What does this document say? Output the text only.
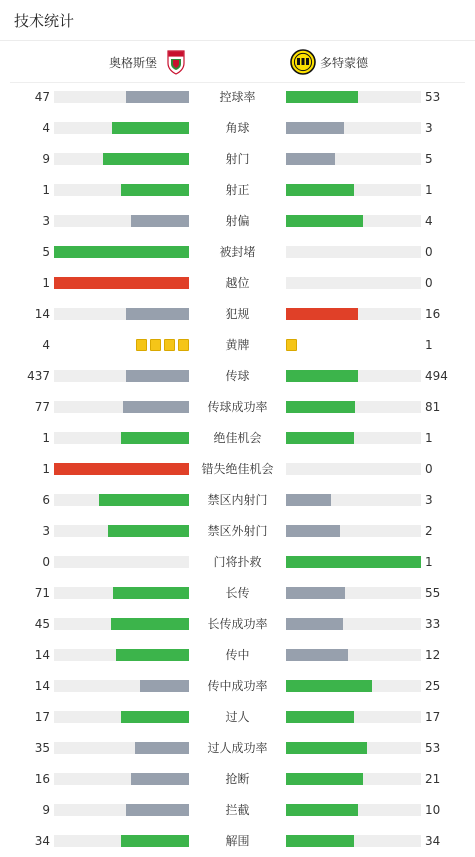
技术统计
奥格斯堡	多特蒙德
47	控球率	53
4	角球	3
9	射门	5
1	射正	1
3	射偏	4
5	被封堵	0
1	越位	0
14	犯规	16
4	黄牌	1
437	传球	494
77	传球成功率	81
1	绝佳机会	1
1	错失绝佳机会	0
6	禁区内射门	3
3	禁区外射门	2
0	门将扑救	1
71	长传	55
45	长传成功率	33
14	传中	12
14	传中成功率	25
17	过人	17
35	过人成功率	53
16	抢断	21
9	拦截	10
34	解围	34
